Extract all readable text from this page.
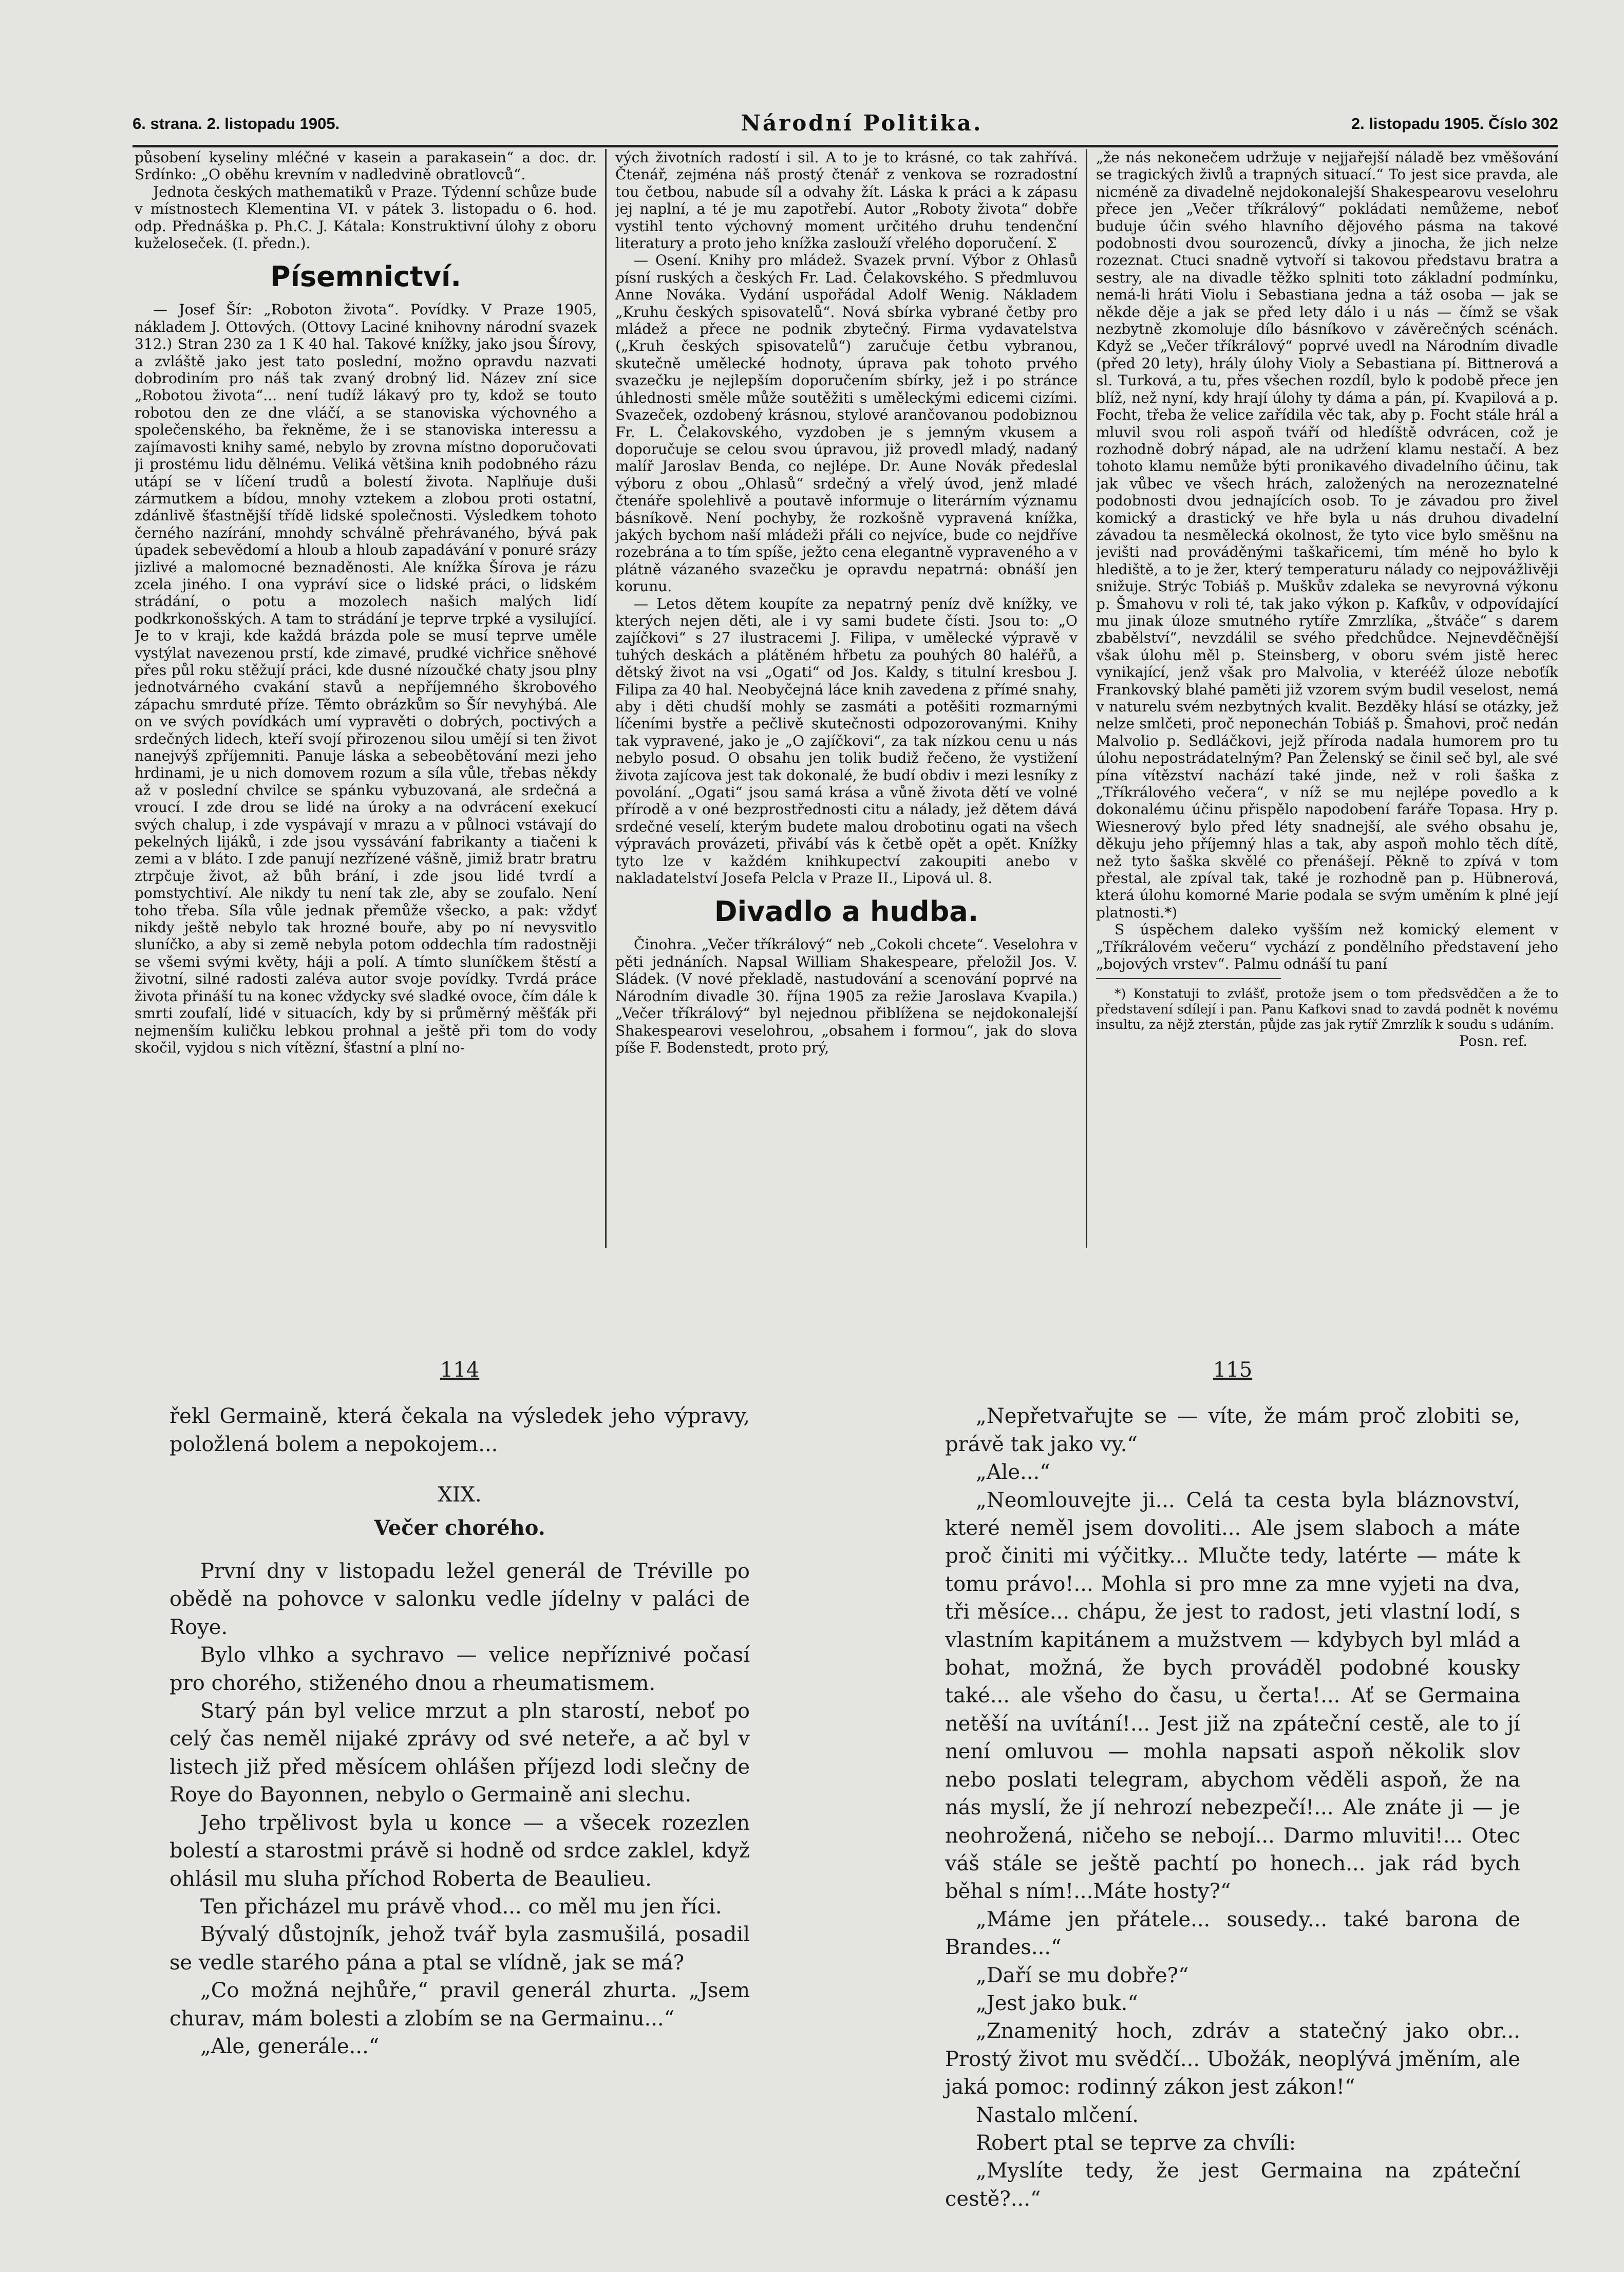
6. strana. 2. listopadu 1905.	Národní Politika.	2. listopadu 1905. Číslo 302

působení kyseliny mléčné v kasein a parakasein“ a doc. dr. Srdínko: „O oběhu krevním v nadledvině obratlovců“.

Jednota českých mathematiků v Praze. Týdenní schůze bude v místnostech Klementina VI. v pátek 3. listopadu o 6. hod. odp. Přednáška p. Ph.C. J. Kátala: Konstruktivní úlohy z oboru kuželoseček. (I. předn.).

Písemnictví.

— Josef Šír: „Roboton života“. Povídky. V Praze 1905, nákladem J. Ottových. (Ottovy Laciné knihovny národní svazek 312.) Stran 230 za 1 K 40 hal. Takové knížky, jako jsou Šírovy, a zvláště jako jest tato poslední, možno opravdu nazvati dobrodiním pro náš tak zvaný drobný lid. Název zní sice „Robotou života“... není tudíž lákavý pro ty, kdož se touto robotou den ze dne vláčí, a se stanoviska výchovného a společenského, ba řekněme, že i se stanoviska interessu a zajímavosti knihy samé, nebylo by zrovna místno doporučovati ji prostému lidu dělnému. Veliká většina knih podobného rázu utápí se v líčení trudů a bolestí života. Naplňuje duši zármutkem a bídou, mnohy vztekem a zlobou proti ostatní, zdánlivě šťastnější třídě lidské společnosti. Výsledkem tohoto černého nazírání, mnohdy schválně přehrávaného, bývá pak úpadek sebevědomí a hloub a hloub zapadávání v ponuré srázy jizlivé a malomocné beznaděnosti. Ale knížka Šírova je rázu zcela jiného. I ona vypráví sice o lidské práci, o lidském strádání, o potu a mozolech našich malých lidí podkrkonošských. A tam to strádání je teprve trpké a vysilující. Je to v kraji, kde každá brázda pole se musí teprve uměle vystýlat navezenou prstí, kde zimavé, prudké vichřice sněhové přes půl roku stěžují práci, kde dusné nízoučké chaty jsou plny jednotvárného cvakání stavů a nepříjemného škrobového zápachu smrduté příze. Těmto obrázkům so Šír nevyhýbá. Ale on ve svých povídkách umí vypravěti o dobrých, poctivých a srdečných lidech, kteří svojí přirozenou silou umějí si ten život nanejvýš zpříjemniti. Panuje láska a sebeobětování mezi jeho hrdinami, je u nich domovem rozum a síla vůle, třebas někdy až v poslední chvilce se spánku vybuzovaná, ale srdečná a vroucí. I zde drou se lidé na úroky a na odvrácení exekucí svých chalup, i zde vyspávají v mrazu a v půlnoci vstávají do pekelných lijáků, i zde jsou vyssávání fabrikanty a tiačeni k zemi a v bláto. I zde panují nezřízené vášně, jimiž bratr bratru ztrpčuje život, až bůh brání, i zde jsou lidé tvrdí a pomstychtiví. Ale nikdy tu není tak zle, aby se zoufalo. Není toho třeba. Síla vůle jednak přemůže všecko, a pak: vždyť nikdy ještě nebylo tak hrozné bouře, aby po ní nevysvitlo sluníčko, a aby si země nebyla potom oddechla tím radostněji se všemi svými květy, háji a polí. A tímto sluníčkem štěstí a životní, silné radosti zaléva autor svoje povídky. Tvrdá práce života přináší tu na konec vždycky své sladké ovoce, čím dále k smrti zoufalí, lidé v situacích, kdy by si průměrný měšťák při nejmenším kuličku lebkou prohnal a ještě při tom do vody skočil, vyjdou s nich vítězní, šťastní a plní no-

vých životních radostí i sil. A to je to krásné, co tak zahřívá. Čtenář, zejména náš prostý čtenář z venkova se rozradostní tou četbou, nabude síl a odvahy žít. Láska k práci a k zápasu jej naplní, a té je mu zapotřebí. Autor „Roboty života“ dobře vystihl tento výchovný moment určitého druhu tendenční literatury a proto jeho knížka zaslouží vřelého doporučení. Σ

— Osení. Knihy pro mládež. Svazek první. Výbor z Ohlasů písní ruských a českých Fr. Lad. Čelakovského. S předmluvou Anne Nováka. Vydání uspořádal Adolf Wenig. Nákladem „Kruhu českých spisovatelů“. Nová sbírka vybrané četby pro mládež a přece ne podnik zbytečný. Firma vydavatelstva („Kruh českých spisovatelů“) zaručuje četbu vybranou, skutečně umělecké hodnoty, úprava pak tohoto prvého svazečku je nejlepším doporučením sbírky, jež i po stránce úhlednosti směle může soutěžiti s uměleckými edicemi cizími. Svazeček, ozdobený krásnou, stylové arančovanou podobiznou Fr. L. Čelakovského, vyzdoben je s jemným vkusem a doporučuje se celou svou úpravou, již provedl mladý, nadaný malíř Jaroslav Benda, co nejlépe. Dr. Aune Novák předeslal výboru z obou „Ohlasů“ srdečný a vřelý úvod, jenž mladé čtenáře spolehlivě a poutavě informuje o literárním významu básníkově. Není pochyby, že rozkošně vypravená knížka, jakých bychom naší mládeži přáli co nejvíce, bude co nejdříve rozebrána a to tím spíše, ježto cena elegantně vypraveného a v plátně vázaného svazečku je opravdu nepatrná: obnáší jen korunu.

— Letos dětem koupíte za nepatrný peníz dvě knížky, ve kterých nejen děti, ale i vy sami budete čísti. Jsou to: „O zajíčkovi“ s 27 ilustracemi J. Filipa, v umělecké výpravě v tuhých deskách a plátěném hřbetu za pouhých 80 haléřů, a dětský život na vsi „Ogati“ od Jos. Kaldy, s titulní kresbou J. Filipa za 40 hal. Neobyčejná láce knih zavedena z přímé snahy, aby i děti chudší mohly se zasmáti a potěšiti rozmarnými líčeními bystře a pečlivě skutečnosti odpozorovanými. Knihy tak vypravené, jako je „O zajíčkovi“, za tak nízkou cenu u nás nebylo posud. O obsahu jen tolik budiž řečeno, že vystižení života zajícova jest tak dokonalé, že budí obdiv i mezi lesníky z povolání. „Ogati“ jsou samá krása a vůně života dětí ve volné přírodě a v oné bezprostřednosti citu a nálady, jež dětem dává srdečné veselí, kterým budete malou drobotinu ogati na všech výpravách provázeti, přivábí vás k četbě opět a opět. Knížky tyto lze v každém knihkupectví zakoupiti anebo v nakladatelství Josefa Pelcla v Praze II., Lipová ul. 8.

Divadlo a hudba.

Činohra. „Večer tříkrálový“ neb „Cokoli chcete“. Veselohra v pěti jednáních. Napsal William Shakespeare, přeložil Jos. V. Sládek. (V nové překladě, nastudování a scenování poprvé na Národním divadle 30. října 1905 za režie Jaroslava Kvapila.) „Večer tříkrálový“ byl nejednou přiblížena se nejdokonalejší Shakespearovi veselohrou, „obsahem i formou“, jak do slova píše F. Bodenstedt, proto prý,

„že nás nekonečem udržuje v nejjařejší náladě bez vměšování se tragických živlů a trapných situací.“ To jest sice pravda, ale nicméně za divadelně nejdokonalejší Shakespearovu veselohru přece jen „Večer tříkrálový“ pokládati nemůžeme, neboť buduje účin svého hlavního dějového pásma na takové podobnosti dvou sourozenců, dívky a jinocha, že jich nelze rozeznat. Ctuci snadně vytvoří si takovou představu bratra a sestry, ale na divadle těžko splniti toto základní podmínku, nemá-li hráti Violu i Sebastiana jedna a táž osoba — jak se někde děje a jak se před lety dálo i u nás — čímž se však nezbytně zkomoluje dílo básníkovo v závěrečných scénách. Když se „Večer tříkrálový“ poprvé uvedl na Národním divadle (před 20 lety), hrály úlohy Violy a Sebastiana pí. Bittnerová a sl. Turková, a tu, přes všechen rozdíl, bylo k podobě přece jen blíž, než nyní, kdy hrají úlohy ty dáma a pán, pí. Kvapilová a p. Focht, třeba že velice zařídila věc tak, aby p. Focht stále hrál a mluvil svou roli aspoň tváří od hledíště odvrácen, což je rozhodně dobrý nápad, ale na udržení klamu nestačí. A bez tohoto klamu nemůže býti pronikavého divadelního účinu, tak jak vůbec ve všech hrách, založených na nerozeznatelné podobnosti dvou jednajících osob. To je závadou pro živel komický a drastický ve hře byla u nás druhou divadelní závadou ta nesmělecká okolnost, že tyto vice bylo směšnu na jevišti nad prováděnými taškařicemi, tím méně ho bylo k hlediště, a to je žer, který temperaturu nálady co nejpovážlivěji snižuje. Strýc Tobiáš p. Muškův zdaleka se nevyrovná výkonu p. Šmahovu v roli té, tak jako výkon p. Kafkův, v odpovídající mu jinak úloze smutného rytíře Zmrzlíka, „štváče“ s darem zbabělství“, nevzdálil se svého předchůdce. Nejnevděčnější však úlohu měl p. Steinsberg, v oboru svém jistě herec vynikající, jenž však pro Malvolia, v kterééž úloze neboťík Frankovský blahé paměti již vzorem svým budil veselost, nemá v naturelu svém nezbytných kvalit. Bezděky hlásí se otázky, jež nelze smlčeti, proč neponechán Tobiáš p. Šmahovi, proč nedán Malvolio p. Sedláčkovi, jejž příroda nadala humorem pro tu úlohu nepostrádatelným? Pan Želenský se činil seč byl, ale své pína vítězství nachází také jinde, než v roli šaška z „Tříkrálového večera“, v níž se mu nejlépe povedlo a k dokonalému účinu přispělo napodobení faráře Topasa. Hry p. Wiesnerový bylo před léty snadnejší, ale svého obsahu je, děkuju jeho příjemný hlas a tak, aby aspoň mohlo těch dítě, než tyto šaška skvělé co přenášejí. Pěkně to zpívá v tom přestal, ale zpíval tak, také je rozhodně pan p. Hübnerová, která úlohu komorné Marie podala se svým uměním k plné její platnosti.*)

S úspěchem daleko vyšším než komický element v „Tříkrálovém večeru“ vychází z pondělního představení jeho „bojových vrstev“. Palmu odnáší tu paní

*) Konstatuji to zvlášť, protože jsem o tom předsvědčen a že to představení sdílejí i pan. Panu Kafkovi snad to zavdá podnět k novému insultu, za nějž zterstán, půjde zas jak rytíř Zmrzlík k soudu s udáním.

Posn. ref.

114

řekl Germaině, která čekala na výsledek jeho výpravy, položlená bolem a nepokojem...

XIX.

Večer chorého.

První dny v listopadu ležel generál de Tréville po obědě na pohovce v salonku vedle jídelny v paláci de Roye.

Bylo vlhko a sychravo — velice nepříznivé počasí pro chorého, stiženého dnou a rheumatismem.

Starý pán byl velice mrzut a pln starostí, neboť po celý čas neměl nijaké zprávy od své neteře, a ač byl v listech již před měsícem ohlášen příjezd lodi slečny de Roye do Bayonnen, nebylo o Germaině ani slechu.

Jeho trpělivost byla u konce — a všecek rozezlen bolestí a starostmi právě si hodně od srdce zaklel, když ohlásil mu sluha příchod Roberta de Beaulieu.

Ten přicházel mu právě vhod... co měl mu jen říci.

Bývalý důstojník, jehož tvář byla zasmušilá, posadil se vedle starého pána a ptal se vlídně, jak se má?

„Co možná nejhůře,“ pravil generál zhurta. „Jsem churav, mám bolesti a zlobím se na Germainu...“

„Ale, generále...“

115

„Nepřetvařujte se — víte, že mám proč zlobiti se, právě tak jako vy.“

„Ale...“

„Neomlouvejte ji... Celá ta cesta byla bláznovství, které neměl jsem dovoliti... Ale jsem slaboch a máte proč činiti mi výčitky... Mlučte tedy, latérte — máte k tomu právo!... Mohla si pro mne za mne vyjeti na dva, tři měsíce... chápu, že jest to radost, jeti vlastní lodí, s vlastním kapitánem a mužstvem — kdybych byl mlád a bohat, možná, že bych prováděl podobné kousky také... ale všeho do času, u čerta!... Ať se Germaina netěší na uvítání!... Jest již na zpáteční cestě, ale to jí není omluvou — mohla napsati aspoň několik slov nebo poslati telegram, abychom věděli aspoň, že na nás myslí, že jí nehrozí nebezpečí!... Ale znáte ji — je neohrožená, ničeho se nebojí... Darmo mluviti!... Otec váš stále se ještě pachtí po honech... jak rád bych běhal s ním!...Máte hosty?“

„Máme jen přátele... sousedy... také barona de Brandes...“

„Daří se mu dobře?“

„Jest jako buk.“

„Znamenitý hoch, zdráv a statečný jako obr... Prostý život mu svědčí... Ubožák, neoplývá jměním, ale jaká pomoc: rodinný zákon jest zákon!“

Nastalo mlčení.

Robert ptal se teprve za chvíli:

„Myslíte tedy, že jest Germaina na zpáteční cestě?...“
